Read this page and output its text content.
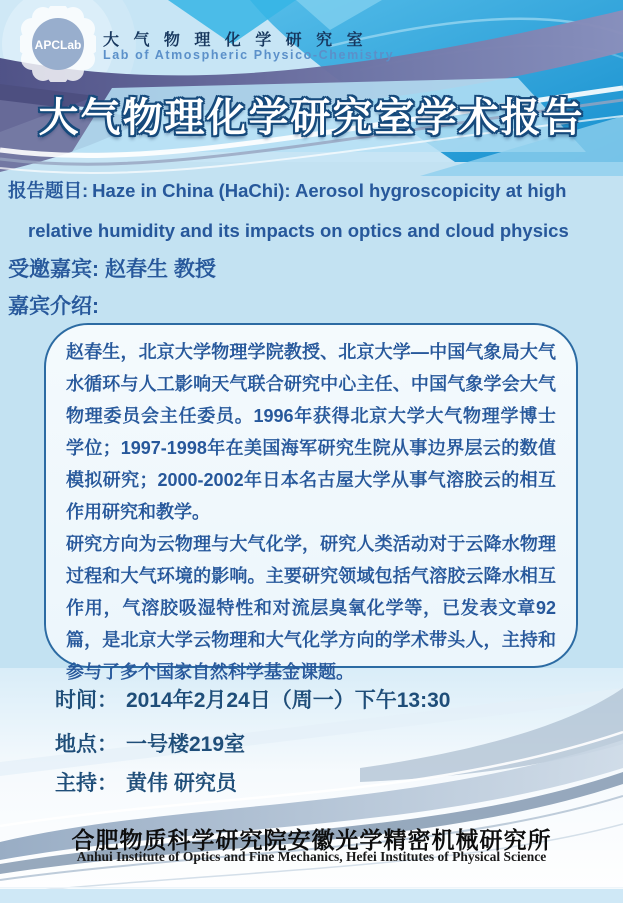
APCLab 大 气 物 理 化 学 研 究 室
Lab of Atmospheric Physico-Chemistry
大气物理化学研究室学术报告
报告题目: Haze in China (HaChi): Aerosol hygroscopicity at high
relative humidity and its impacts on optics and cloud physics
受邀嘉宾: 赵春生 教授
嘉宾介绍:

赵春生，北京大学物理学院教授、北京大学—中国气象局大气水循环与人工影响天气联合研究中心主任、中国气象学会大气物理委员会主任委员。1996年获得北京大学大气物理学博士学位；1997-1998年在美国海军研究生院从事边界层云的数值模拟研究；2000-2002年日本名古屋大学从事气溶胶云的相互作用研究和教学。

研究方向为云物理与大气化学，研究人类活动对于云降水物理过程和大气环境的影响。主要研究领域包括气溶胶云降水相互作用，气溶胶吸湿特性和对流层臭氧化学等，已发表文章92篇，是北京大学云物理和大气化学方向的学术带头人，主持和参与了多个国家自然科学基金课题。

时间： 2014年2月24日（周一）下午13:30
地点： 一号楼219室
主持： 黄伟 研究员
合肥物质科学研究院安徽光学精密机械研究所
Anhui Institute of Optics and Fine Mechanics, Hefei Institutes of Physical Science
